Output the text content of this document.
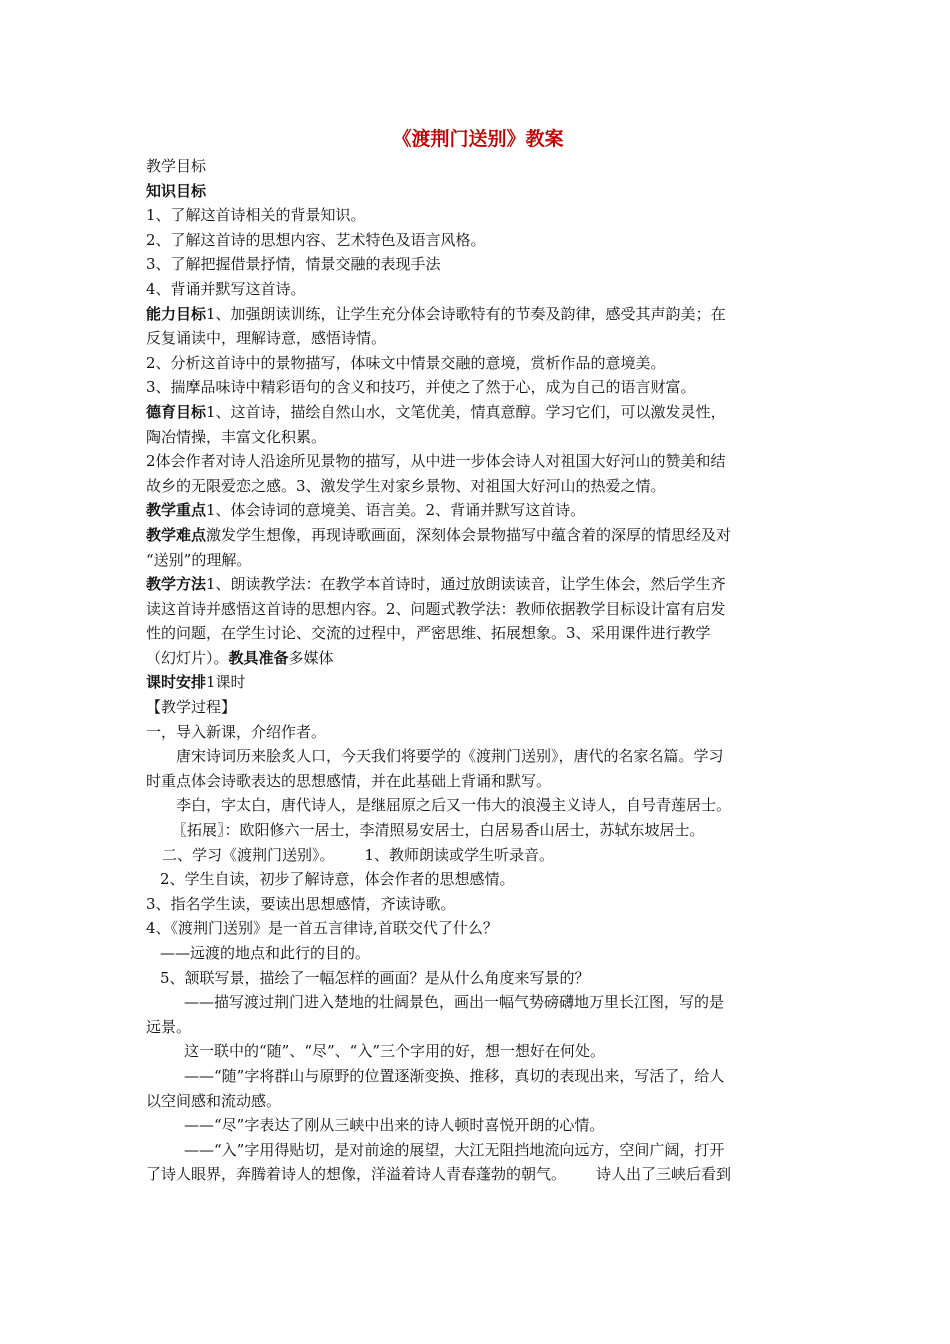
《渡荆门送别》教案
教学目标
知识目标
1、了解这首诗相关的背景知识。
2、了解这首诗的思想内容、艺术特色及语言风格。
3、了解把握借景抒情，情景交融的表现手法
4、背诵并默写这首诗。
能力目标1、加强朗读训练，让学生充分体会诗歌特有的节奏及韵律，感受其声韵美；在
反复诵读中，理解诗意，感悟诗情。
2、分析这首诗中的景物描写，体味文中情景交融的意境，赏析作品的意境美。
3、揣摩品味诗中精彩语句的含义和技巧，并使之了然于心，成为自己的语言财富。
德育目标1、这首诗，描绘自然山水，文笔优美，情真意醇。学习它们，可以激发灵性，
陶冶情操，丰富文化积累。
2体会作者对诗人沿途所见景物的描写，从中进一步体会诗人对祖国大好河山的赞美和结
故乡的无限爱恋之感。3、激发学生对家乡景物、对祖国大好河山的热爱之情。
教学重点1、体会诗词的意境美、语言美。2、背诵并默写这首诗。
教学难点激发学生想像，再现诗歌画面，深刻体会景物描写中蕴含着的深厚的情思经及对
“送别”的理解。
教学方法1、朗读教学法：在教学本首诗时，通过放朗读读音，让学生体会，然后学生齐
读这首诗并感悟这首诗的思想内容。2、问题式教学法：教师依据教学目标设计富有启发
性的问题，在学生讨论、交流的过程中，严密思维、拓展想象。3、采用课件进行教学
（幻灯片）。教具准备多媒体
课时安排1课时
【教学过程】
一，导入新课，介绍作者。
唐宋诗词历来脍炙人口，今天我们将要学的《渡荆门送别》，唐代的名家名篇。学习
时重点体会诗歌表达的思想感情，并在此基础上背诵和默写。
李白，字太白，唐代诗人，是继屈原之后又一伟大的浪漫主义诗人，自号青莲居士。
〖拓展〗：欧阳修六一居士，李清照易安居士，白居易香山居士，苏轼东坡居士。
二、学习《渡荆门送别》。 1、教师朗读或学生听录音。
2、学生自读，初步了解诗意，体会作者的思想感情。
3、指名学生读，要读出思想感情，齐读诗歌。
4、《渡荆门送别》是一首五言律诗,首联交代了什么？
——远渡的地点和此行的目的。
5、颔联写景，描绘了一幅怎样的画面？是从什么角度来写景的？
——描写渡过荆门进入楚地的壮阔景色，画出一幅气势磅礴地万里长江图，写的是
远景。
这一联中的“随”、“尽”、“入”三个字用的好，想一想好在何处。
——“随”字将群山与原野的位置逐渐变换、推移，真切的表现出来，写活了，给人
以空间感和流动感。
——“尽”字表达了刚从三峡中出来的诗人顿时喜悦开朗的心情。
——“入”字用得贴切，是对前途的展望，大江无阻挡地流向远方，空间广阔，打开
了诗人眼界，奔腾着诗人的想像，洋溢着诗人青春蓬勃的朝气。 诗人出了三峡后看到
